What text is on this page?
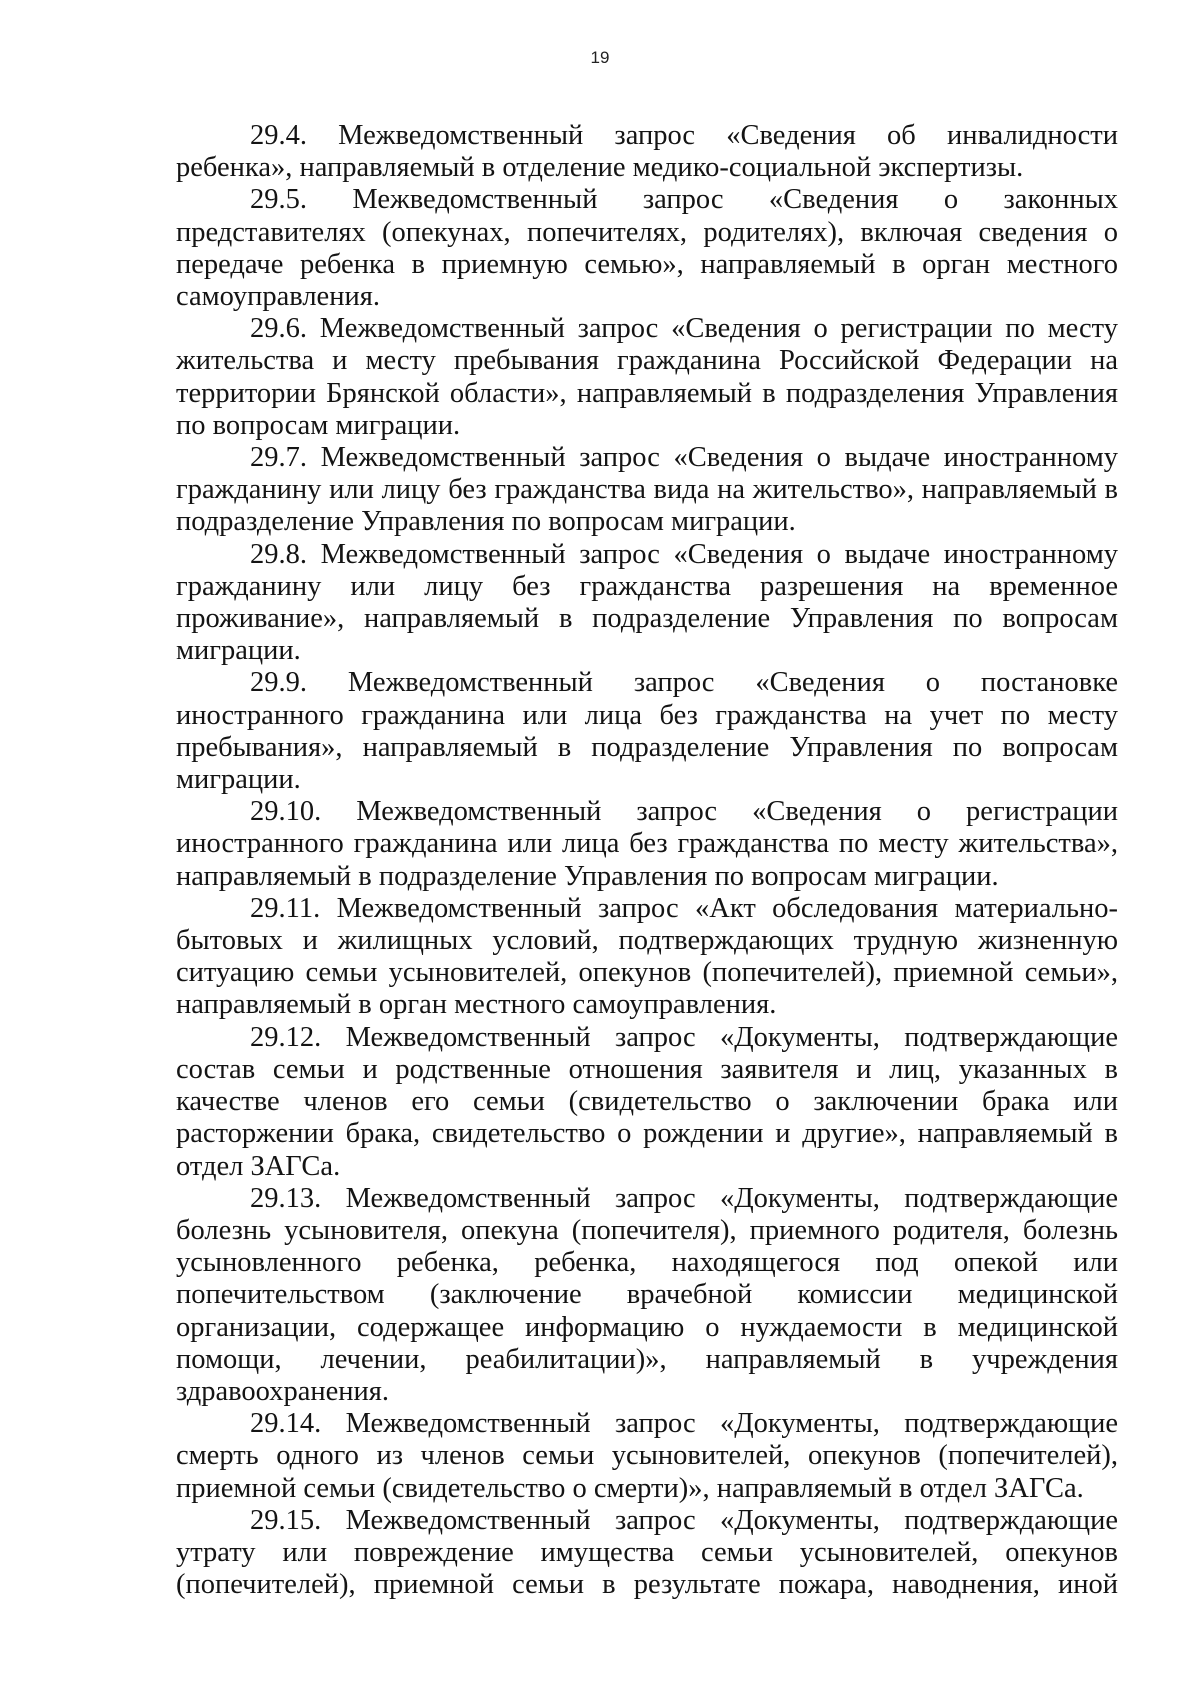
19

29.4. Межведомственный запрос «Сведения об инвалидности ребенка», направляемый в отделение медико-социальной экспертизы.

29.5. Межведомственный запрос «Сведения о законных представителях (опекунах, попечителях, родителях), включая сведения о передаче ребенка в приемную семью», направляемый в орган местного самоуправления.

29.6. Межведомственный запрос «Сведения о регистрации по месту жительства и месту пребывания гражданина Российской Федерации на территории Брянской области», направляемый в подразделения Управления по вопросам миграции.

29.7. Межведомственный запрос «Сведения о выдаче иностранному гражданину или лицу без гражданства вида на жительство», направляемый в подразделение Управления по вопросам миграции.

29.8. Межведомственный запрос «Сведения о выдаче иностранному гражданину или лицу без гражданства разрешения на временное проживание», направляемый в подразделение Управления по вопросам миграции.

29.9. Межведомственный запрос «Сведения о постановке иностранного гражданина или лица без гражданства на учет по месту пребывания», направляемый в подразделение Управления по вопросам миграции.

29.10. Межведомственный запрос «Сведения о регистрации иностранного гражданина или лица без гражданства по месту жительства», направляемый в подразделение Управления по вопросам миграции.

29.11. Межведомственный запрос «Акт обследования материально-бытовых и жилищных условий, подтверждающих трудную жизненную ситуацию семьи усыновителей, опекунов (попечителей), приемной семьи», направляемый в орган местного самоуправления.

29.12. Межведомственный запрос «Документы, подтверждающие состав семьи и родственные отношения заявителя и лиц, указанных в качестве членов его семьи (свидетельство о заключении брака или расторжении брака, свидетельство о рождении и другие», направляемый в отдел ЗАГСа.

29.13. Межведомственный запрос «Документы, подтверждающие болезнь усыновителя, опекуна (попечителя), приемного родителя, болезнь усыновленного ребенка, ребенка, находящегося под опекой или попечительством (заключение врачебной комиссии медицинской организации, содержащее информацию о нуждаемости в медицинской помощи, лечении, реабилитации)», направляемый в учреждения здравоохранения.

29.14. Межведомственный запрос «Документы, подтверждающие смерть одного из членов семьи усыновителей, опекунов (попечителей), приемной семьи (свидетельство о смерти)», направляемый в отдел ЗАГСа.

29.15. Межведомственный запрос «Документы, подтверждающие утрату или повреждение имущества семьи усыновителей, опекунов (попечителей), приемной семьи в результате пожара, наводнения, иной
